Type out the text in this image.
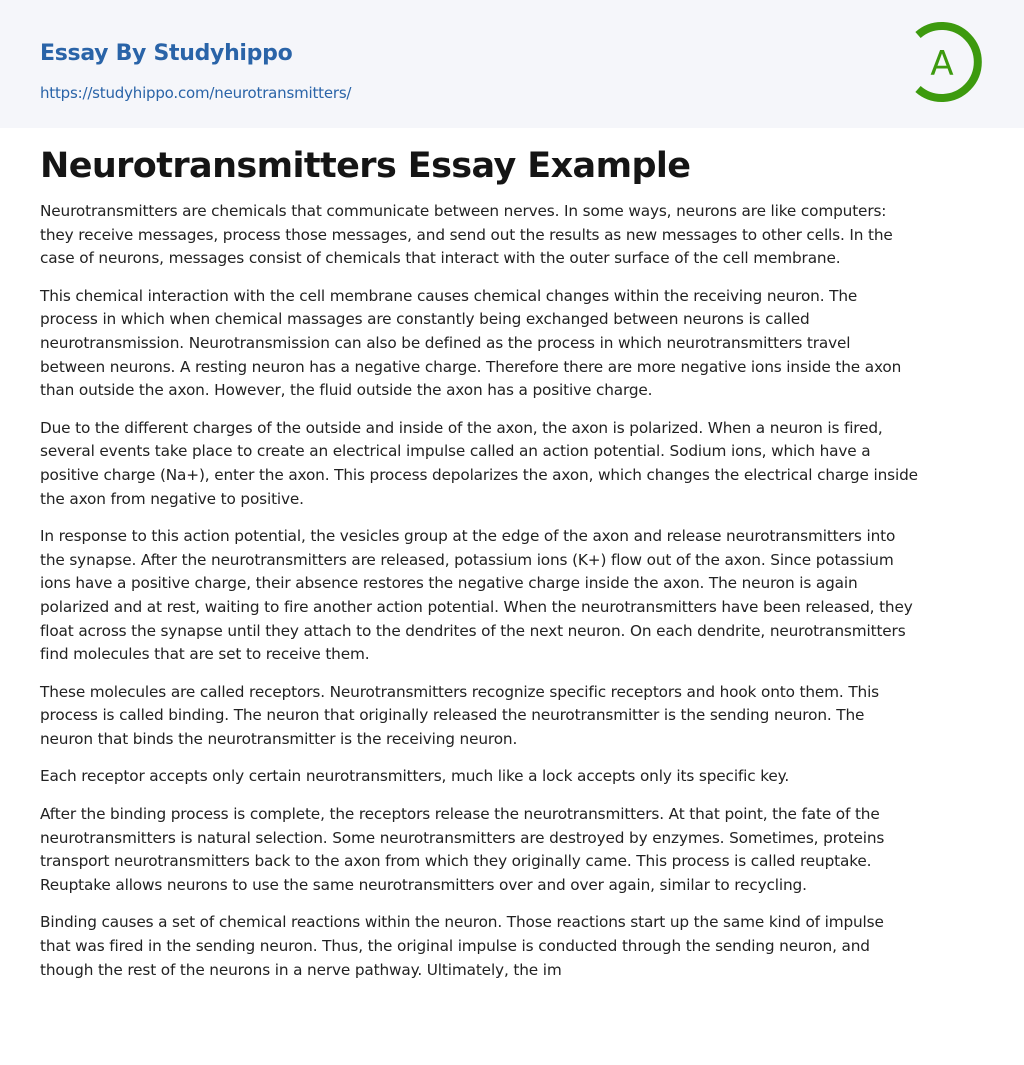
Essay By Studyhippo
https://studyhippo.com/neurotransmitters/
A
Neurotransmitters Essay Example

Neurotransmitters are chemicals that communicate between nerves. In some ways, neurons are like computers:
they receive messages, process those messages, and send out the results as new messages to other cells. In the
case of neurons, messages consist of chemicals that interact with the outer surface of the cell membrane.

This chemical interaction with the cell membrane causes chemical changes within the receiving neuron. The
process in which when chemical massages are constantly being exchanged between neurons is called
neurotransmission. Neurotransmission can also be defined as the process in which neurotransmitters travel
between neurons. A resting neuron has a negative charge. Therefore there are more negative ions inside the axon
than outside the axon. However, the fluid outside the axon has a positive charge.

Due to the different charges of the outside and inside of the axon, the axon is polarized. When a neuron is fired,
several events take place to create an electrical impulse called an action potential. Sodium ions, which have a
positive charge (Na+), enter the axon. This process depolarizes the axon, which changes the electrical charge inside
the axon from negative to positive.

In response to this action potential, the vesicles group at the edge of the axon and release neurotransmitters into
the synapse. After the neurotransmitters are released, potassium ions (K+) flow out of the axon. Since potassium
ions have a positive charge, their absence restores the negative charge inside the axon. The neuron is again
polarized and at rest, waiting to fire another action potential. When the neurotransmitters have been released, they
float across the synapse until they attach to the dendrites of the next neuron. On each dendrite, neurotransmitters
find molecules that are set to receive them.

These molecules are called receptors. Neurotransmitters recognize specific receptors and hook onto them. This
process is called binding. The neuron that originally released the neurotransmitter is the sending neuron. The
neuron that binds the neurotransmitter is the receiving neuron.

Each receptor accepts only certain neurotransmitters, much like a lock accepts only its specific key.

After the binding process is complete, the receptors release the neurotransmitters. At that point, the fate of the
neurotransmitters is natural selection. Some neurotransmitters are destroyed by enzymes. Sometimes, proteins
transport neurotransmitters back to the axon from which they originally came. This process is called reuptake.
Reuptake allows neurons to use the same neurotransmitters over and over again, similar to recycling.

Binding causes a set of chemical reactions within the neuron. Those reactions start up the same kind of impulse
that was fired in the sending neuron. Thus, the original impulse is conducted through the sending neuron, and
though the rest of the neurons in a nerve pathway. Ultimately, the im
